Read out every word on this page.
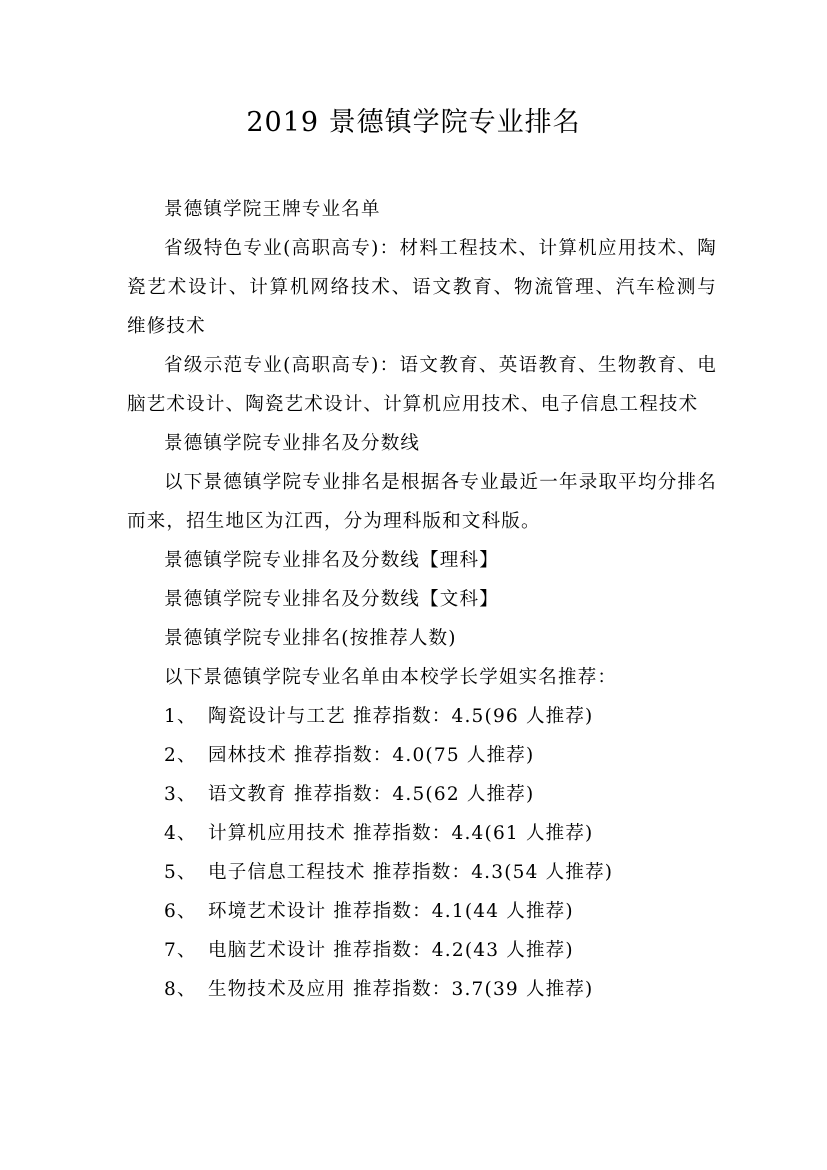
2019 景德镇学院专业排名

景德镇学院王牌专业名单

省级特色专业(高职高专)：材料工程技术、计算机应用技术、陶瓷艺术设计、计算机网络技术、语文教育、物流管理、汽车检测与维修技术

省级示范专业(高职高专)：语文教育、英语教育、生物教育、电脑艺术设计、陶瓷艺术设计、计算机应用技术、电子信息工程技术

景德镇学院专业排名及分数线

以下景德镇学院专业排名是根据各专业最近一年录取平均分排名而来，招生地区为江西，分为理科版和文科版。

景德镇学院专业排名及分数线【理科】

景德镇学院专业排名及分数线【文科】

景德镇学院专业排名(按推荐人数)

以下景德镇学院专业名单由本校学长学姐实名推荐：

1、 陶瓷设计与工艺 推荐指数：4.5(96 人推荐)
2、 园林技术 推荐指数：4.0(75 人推荐)
3、 语文教育 推荐指数：4.5(62 人推荐)
4、 计算机应用技术 推荐指数：4.4(61 人推荐)
5、 电子信息工程技术 推荐指数：4.3(54 人推荐)
6、 环境艺术设计 推荐指数：4.1(44 人推荐)
7、 电脑艺术设计 推荐指数：4.2(43 人推荐)
8、 生物技术及应用 推荐指数：3.7(39 人推荐)
